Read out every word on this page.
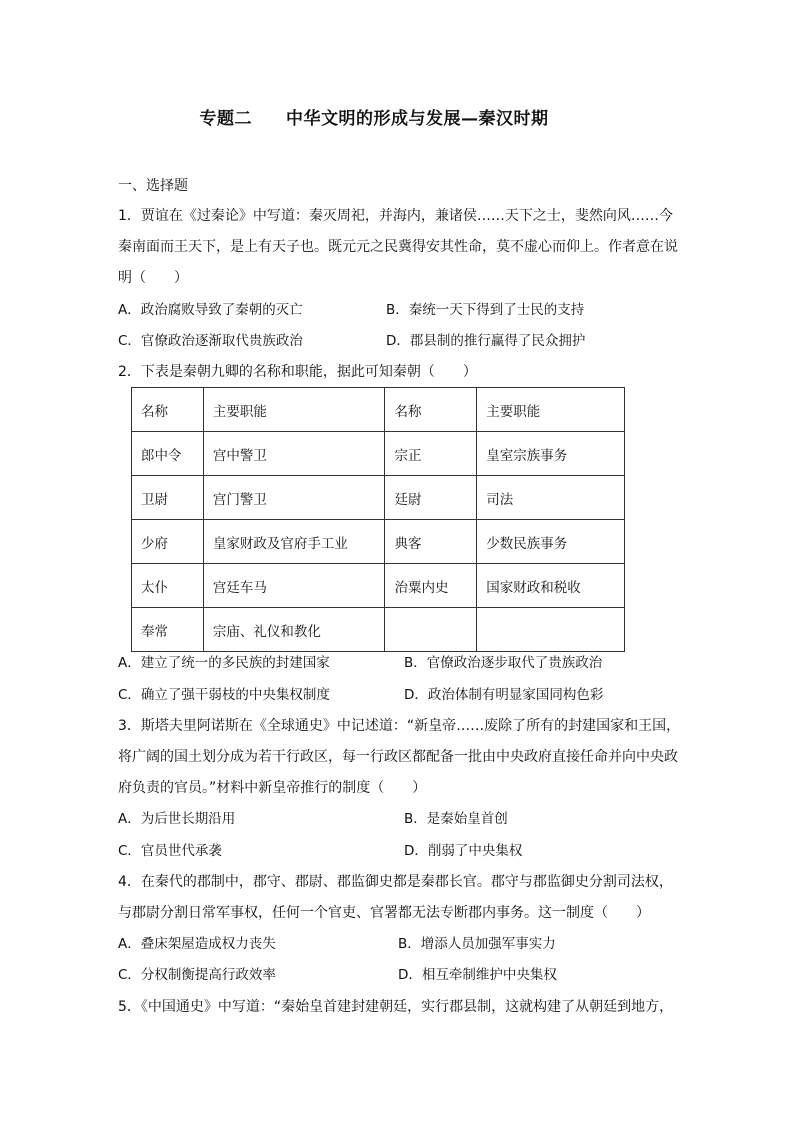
专题二 中华文明的形成与发展—秦汉时期
一、选择题
1．贾谊在《过秦论》中写道：秦灭周祀，并海内，兼诸侯……天下之士，斐然向风……今
秦南面而王天下，是上有天子也。既元元之民冀得安其性命，莫不虚心而仰上。作者意在说
明（　　）
A．政治腐败导致了秦朝的灭亡	B．秦统一天下得到了士民的支持
C．官僚政治逐渐取代贵族政治	D．郡县制的推行赢得了民众拥护
2．下表是秦朝九卿的名称和职能，据此可知秦朝（　　）
名称	主要职能	名称	主要职能
郎中令	宫中警卫	宗正	皇室宗族事务
卫尉	宫门警卫	廷尉	司法
少府	皇家财政及官府手工业	典客	少数民族事务
太仆	宫廷车马	治粟内史	国家财政和税收
奉常	宗庙、礼仪和教化		
A．建立了统一的多民族的封建国家	B．官僚政治逐步取代了贵族政治
C．确立了强干弱枝的中央集权制度	D．政治体制有明显家国同构色彩
3．斯塔夫里阿诺斯在《全球通史》中记述道：“新皇帝……废除了所有的封建国家和王国，
将广阔的国土划分成为若干行政区，每一行政区都配备一批由中央政府直接任命并向中央政
府负责的官员。”材料中新皇帝推行的制度（　　）
A．为后世长期沿用	B．是秦始皇首创
C．官员世代承袭	D．削弱了中央集权
4．在秦代的郡制中，郡守、郡尉、郡监御史都是秦郡长官。郡守与郡监御史分割司法权，
与郡尉分割日常军事权，任何一个官吏、官署都无法专断郡内事务。这一制度（　　）
A．叠床架屋造成权力丧失	B．增添人员加强军事实力
C．分权制衡提高行政效率	D．相互牵制维护中央集权
5．《中国通史》中写道：“秦始皇首建封建朝廷，实行郡县制，这就构建了从朝廷到地方，
